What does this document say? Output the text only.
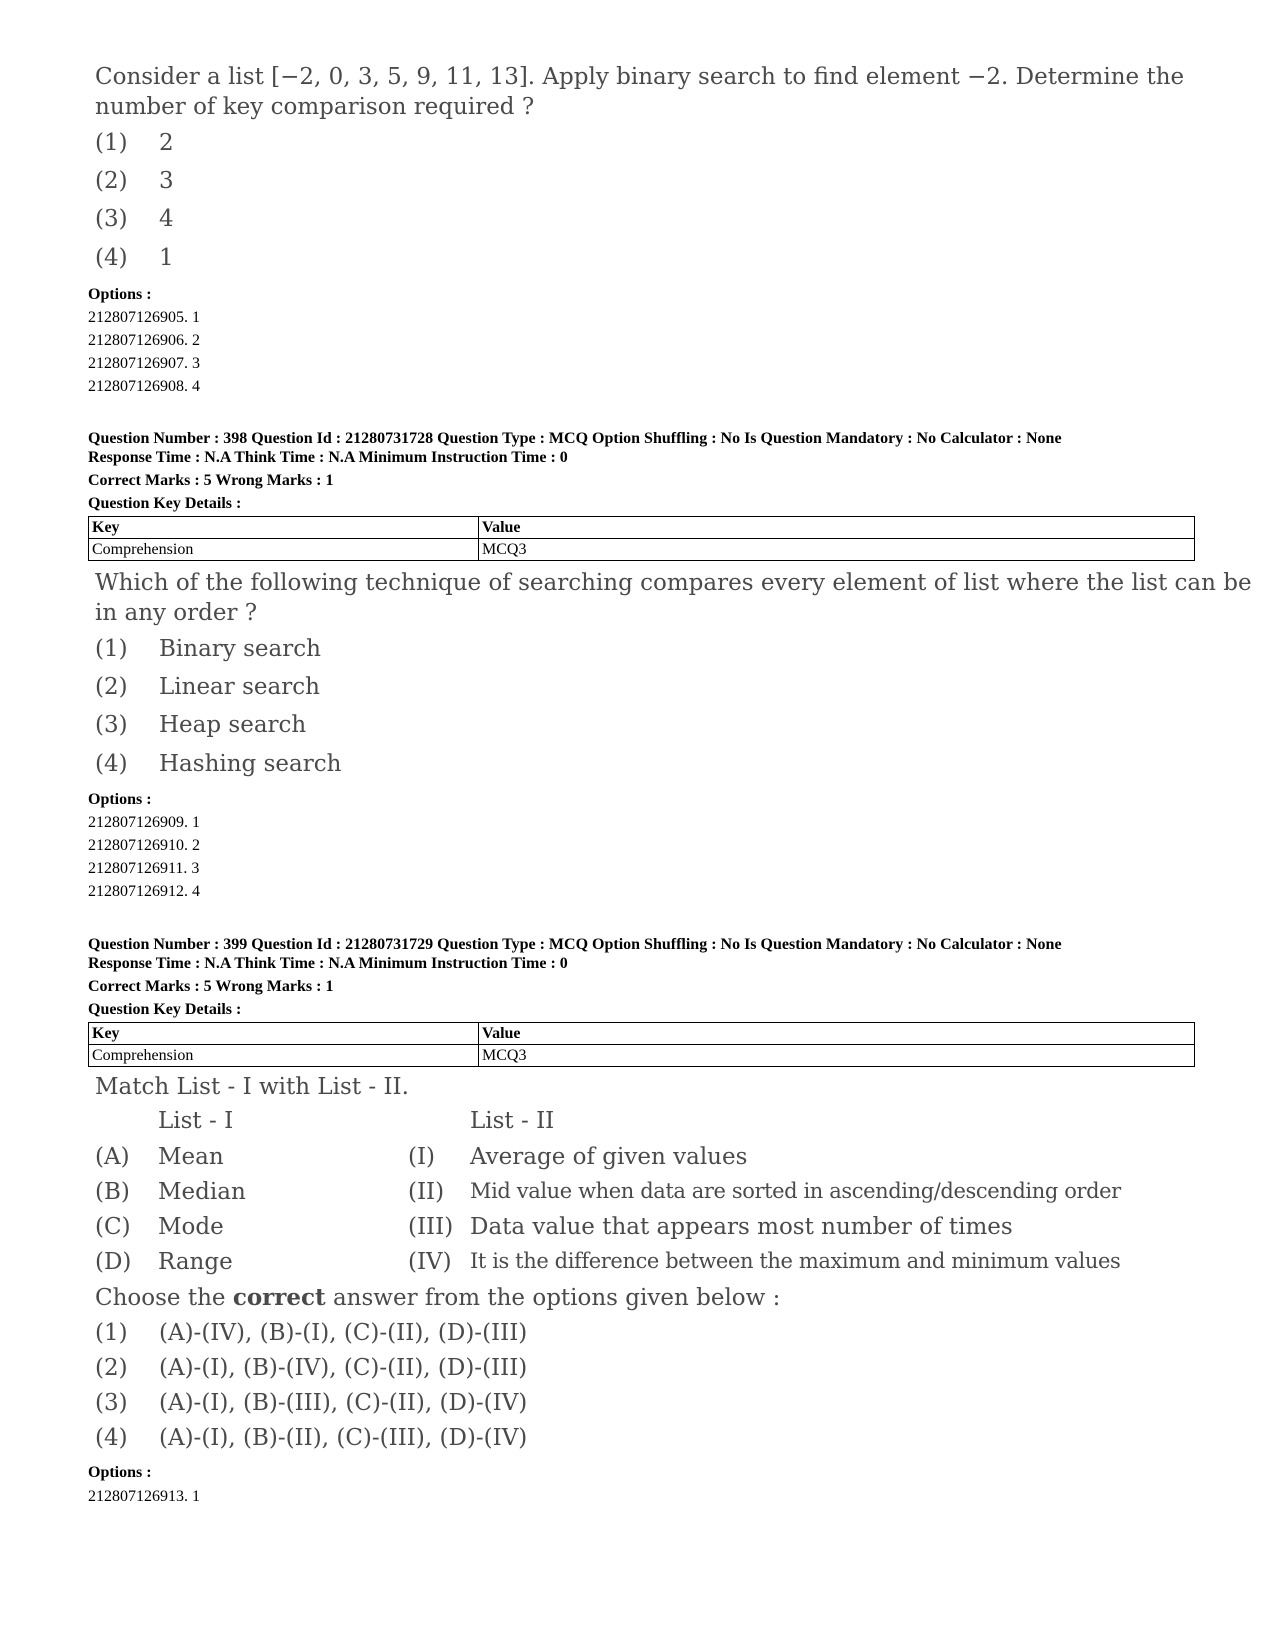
Consider a list [−2, 0, 3, 5, 9, 11, 13]. Apply binary search to find element −2. Determine the
number of key comparison required ?
(1) 2
(2) 3
(3) 4
(4) 1
Options :
212807126905. 1
212807126906. 2
212807126907. 3
212807126908. 4
Question Number : 398 Question Id : 21280731728 Question Type : MCQ Option Shuffling : No Is Question Mandatory : No Calculator : None
Response Time : N.A Think Time : N.A Minimum Instruction Time : 0
Correct Marks : 5 Wrong Marks : 1
Question Key Details :
Key	Value
Comprehension	MCQ3
Which of the following technique of searching compares every element of list where the list can be
in any order ?
(1) Binary search
(2) Linear search
(3) Heap search
(4) Hashing search
Options :
212807126909. 1
212807126910. 2
212807126911. 3
212807126912. 4
Question Number : 399 Question Id : 21280731729 Question Type : MCQ Option Shuffling : No Is Question Mandatory : No Calculator : None
Response Time : N.A Think Time : N.A Minimum Instruction Time : 0
Correct Marks : 5 Wrong Marks : 1
Question Key Details :
Key	Value
Comprehension	MCQ3
Match List - I with List - II.
List - I	List - II
(A) Mean	(I) Average of given values
(B) Median	(II) Mid value when data are sorted in ascending/descending order
(C) Mode	(III) Data value that appears most number of times
(D) Range	(IV) It is the difference between the maximum and minimum values
Choose the correct answer from the options given below :
(1) (A)-(IV), (B)-(I), (C)-(II), (D)-(III)
(2) (A)-(I), (B)-(IV), (C)-(II), (D)-(III)
(3) (A)-(I), (B)-(III), (C)-(II), (D)-(IV)
(4) (A)-(I), (B)-(II), (C)-(III), (D)-(IV)
Options :
212807126913. 1
